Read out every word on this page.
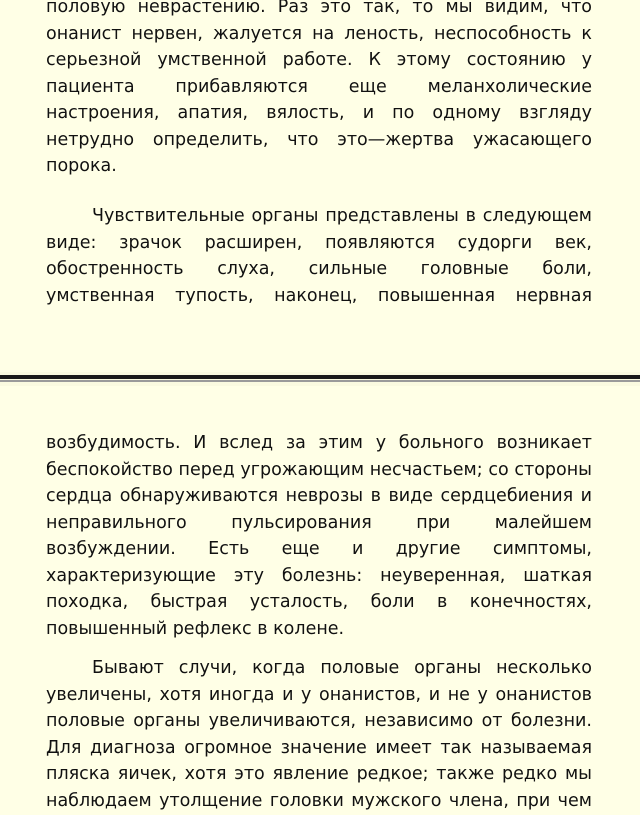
половую неврастению. Раз это так, то мы видим, что
онанист нервен, жалуется на леность, неспособность к
серьезной умственной работе. К этому состоянию у
пациента прибавляются еще меланхолические
настроения, апатия, вялость, и по одному взгляду
нетрудно определить, что это—жертва ужасающего
порока.
Чувствительные органы представлены в следующем
виде: зрачок расширен, появляются судорги век,
обостренность слуха, сильные головные боли,
умственная тупость, наконец, повышенная нервная
возбудимость. И вслед за этим у больного возникает
беспокойство перед угрожающим несчастьем; со стороны
сердца обнаруживаются неврозы в виде сердцебиения и
неправильного пульсирования при малейшем
возбуждении. Есть еще и другие симптомы,
характеризующие эту болезнь: неуверенная, шаткая
походка, быстрая усталость, боли в конечностях,
повышенный рефлекс в колене.
Бывают случи, когда половые органы несколько
увеличены, хотя иногда и у онанистов, и не у онанистов
половые органы увеличиваются, независимо от болезни.
Для диагноза огромное значение имеет так называемая
пляска яичек, хотя это явление редкое; также редко мы
наблюдаем утолщение головки мужского члена, при чем
